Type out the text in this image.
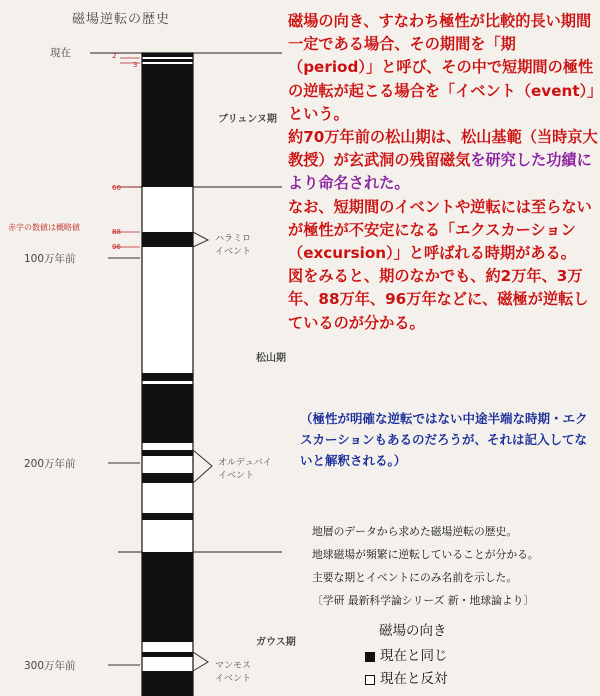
磁場逆転の歴史
赤字の数値は概略値
現在
100万年前
200万年前
300万年前
2
3
66
88
96
ブリュンヌ期
松山期
ガウス期
ハラミロ
イベント
オルデュバイ
イベント
マンモス
イベント

磁場の向き、すなわち極性が比較的長い期間一定である場合、その期間を「期（period）」と呼び、その中で短期間の極性の逆転が起こる場合を「イベント（event）」という。

約70万年前の松山期は、松山基範（当時京大教授）が玄武洞の残留磁気を研究した功績により命名された。

なお、短期間のイベントや逆転には至らないが極性が不安定になる「エクスカーション（excursion）」と呼ばれる時期がある。

図をみると、期のなかでも、約2万年、3万年、88万年、96万年などに、磁極が逆転しているのが分かる。

（極性が明確な逆転ではない中途半端な時期・エクスカーションもあるのだろうが、それは記入してないと解釈される。）
地層のデータから求めた磁場逆転の歴史。
地球磁場が頻繁に逆転していることが分かる。
主要な期とイベントにのみ名前を示した。
〔学研 最新科学論シリーズ 新・地球論より〕
磁場の向き
現在と同じ
現在と反対
